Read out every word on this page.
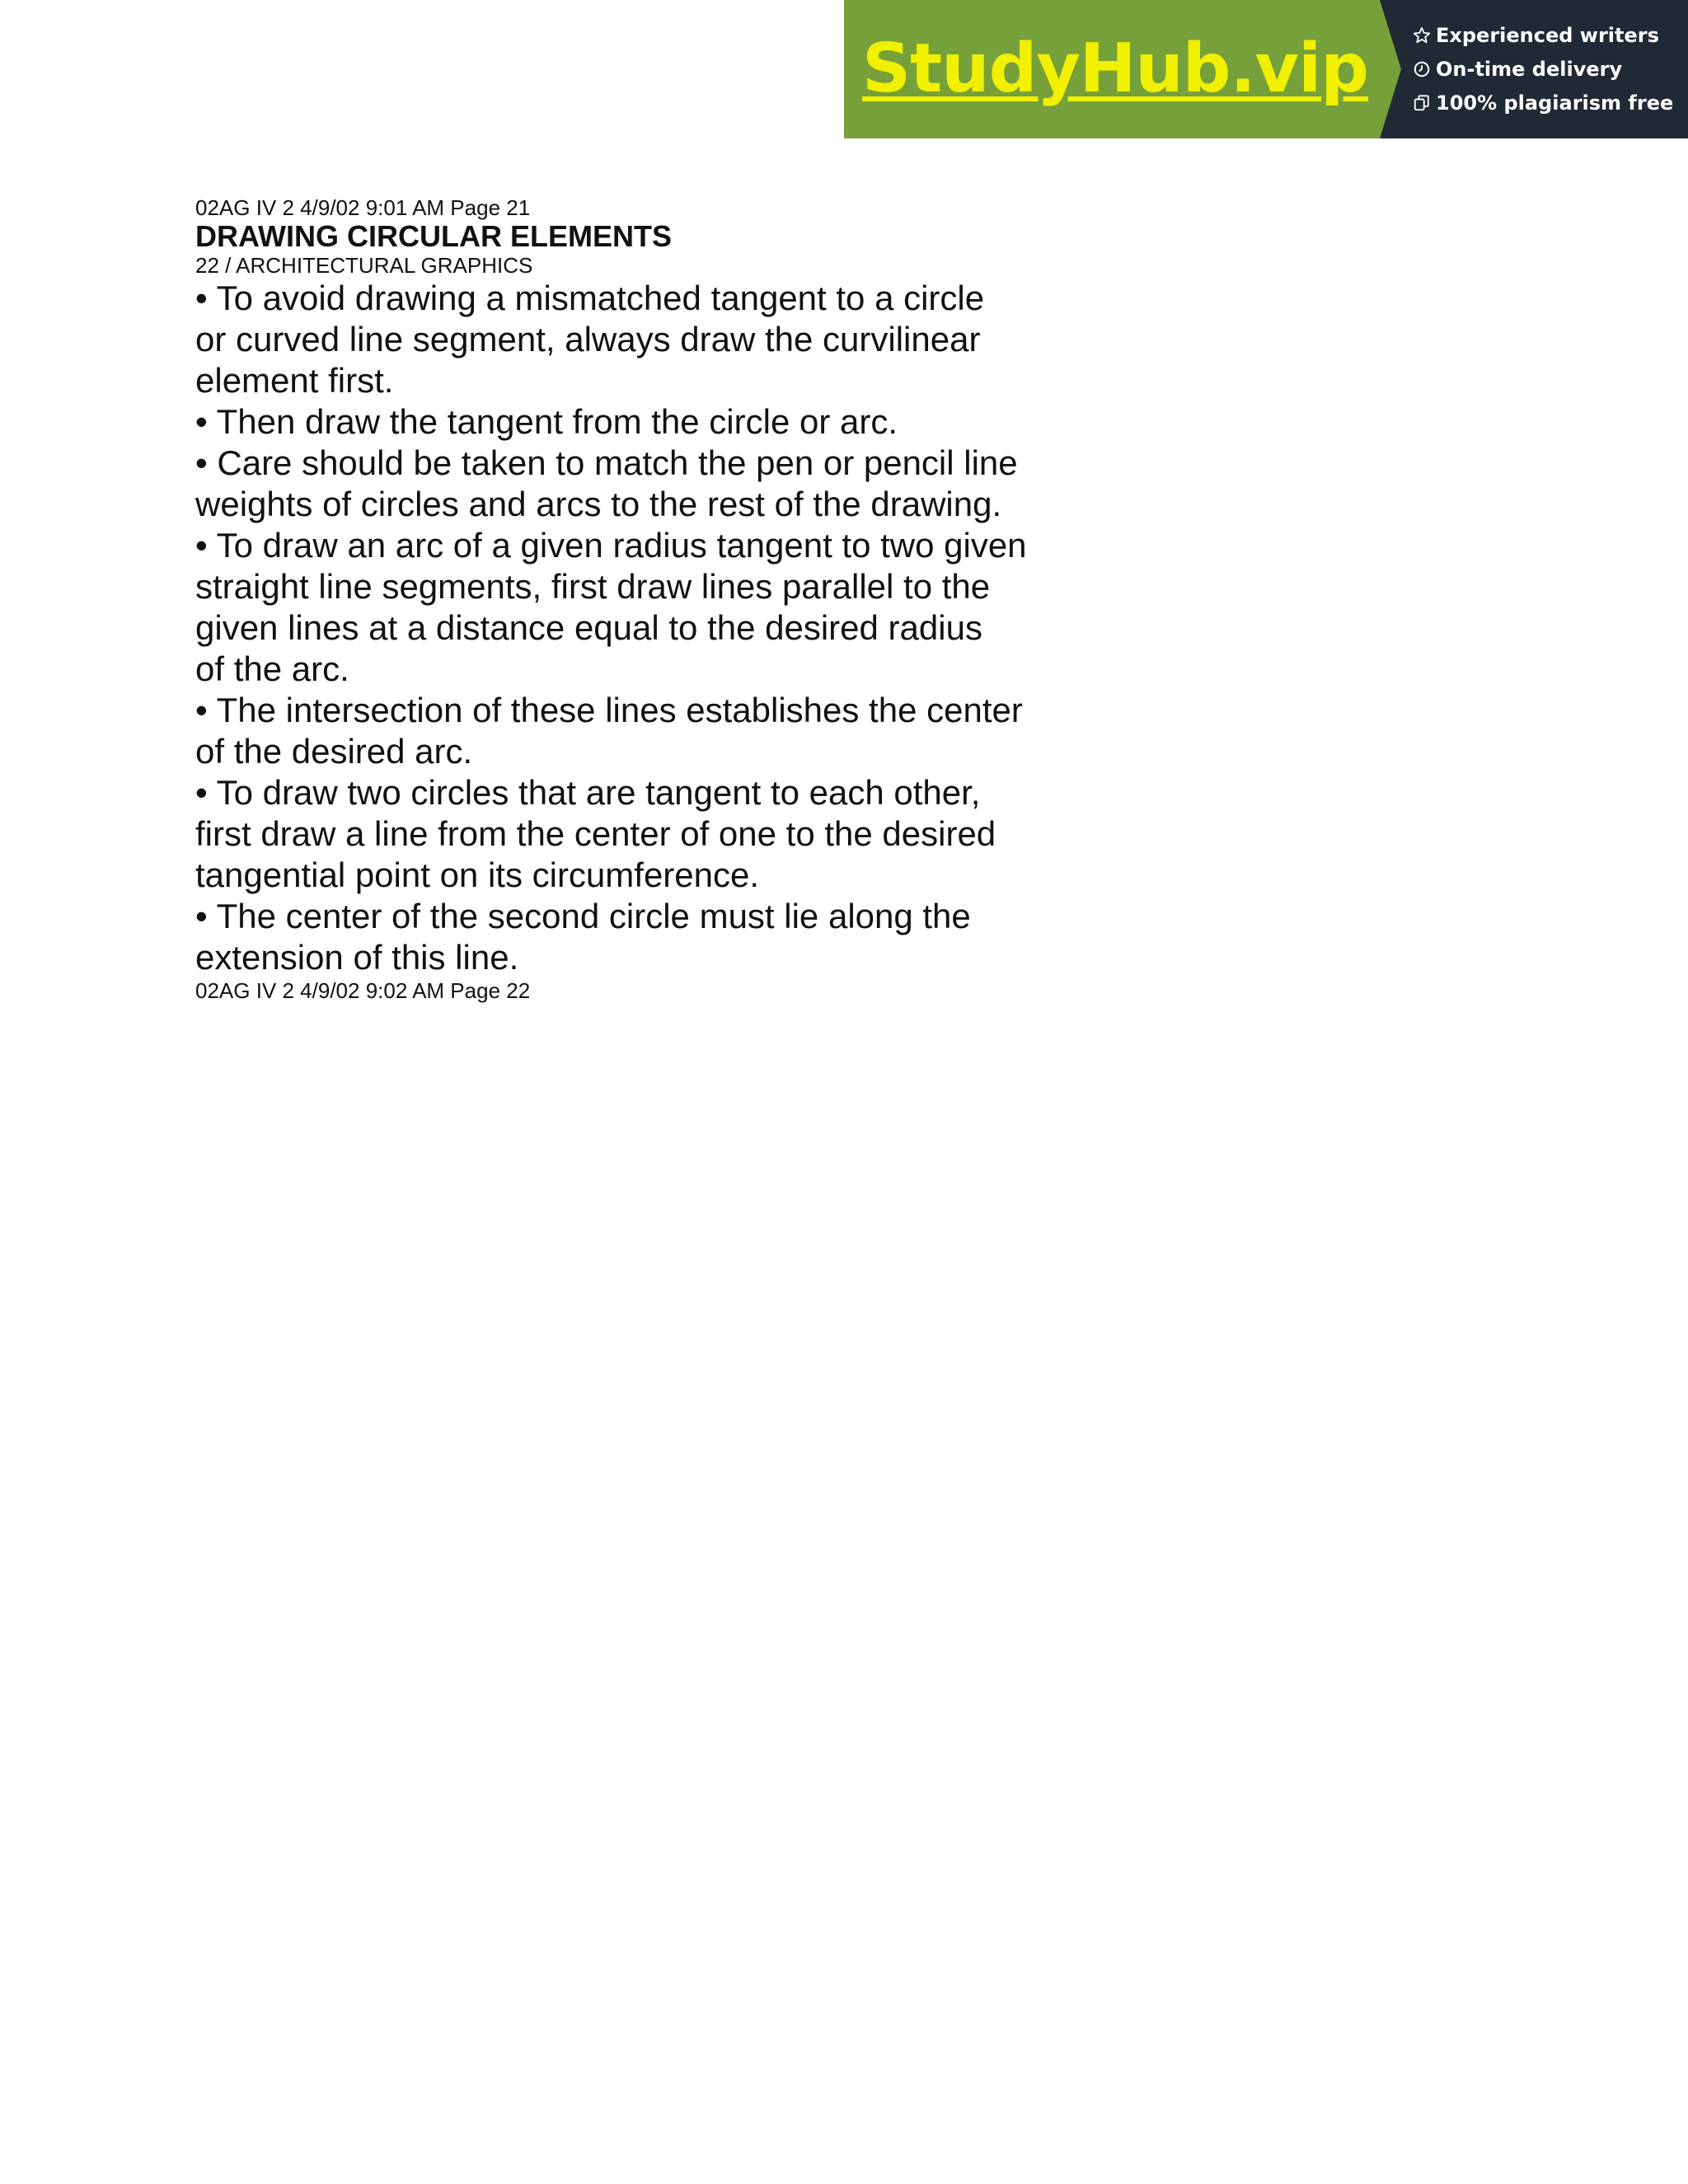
StudyHub.vip	Experienced writers
On-time delivery
100% plagiarism free

02AG IV 2 4/9/02 9:01 AM Page 21

DRAWING CIRCULAR ELEMENTS

22 / ARCHITECTURAL GRAPHICS

• To avoid drawing a mismatched tangent to a circle
or curved line segment, always draw the curvilinear
element first.
• Then draw the tangent from the circle or arc.
• Care should be taken to match the pen or pencil line
weights of circles and arcs to the rest of the drawing.
• To draw an arc of a given radius tangent to two given
straight line segments, first draw lines parallel to the
given lines at a distance equal to the desired radius
of the arc.
• The intersection of these lines establishes the center
of the desired arc.
• To draw two circles that are tangent to each other,
first draw a line from the center of one to the desired
tangential point on its circumference.
• The center of the second circle must lie along the
extension of this line.

02AG IV 2 4/9/02 9:02 AM Page 22
